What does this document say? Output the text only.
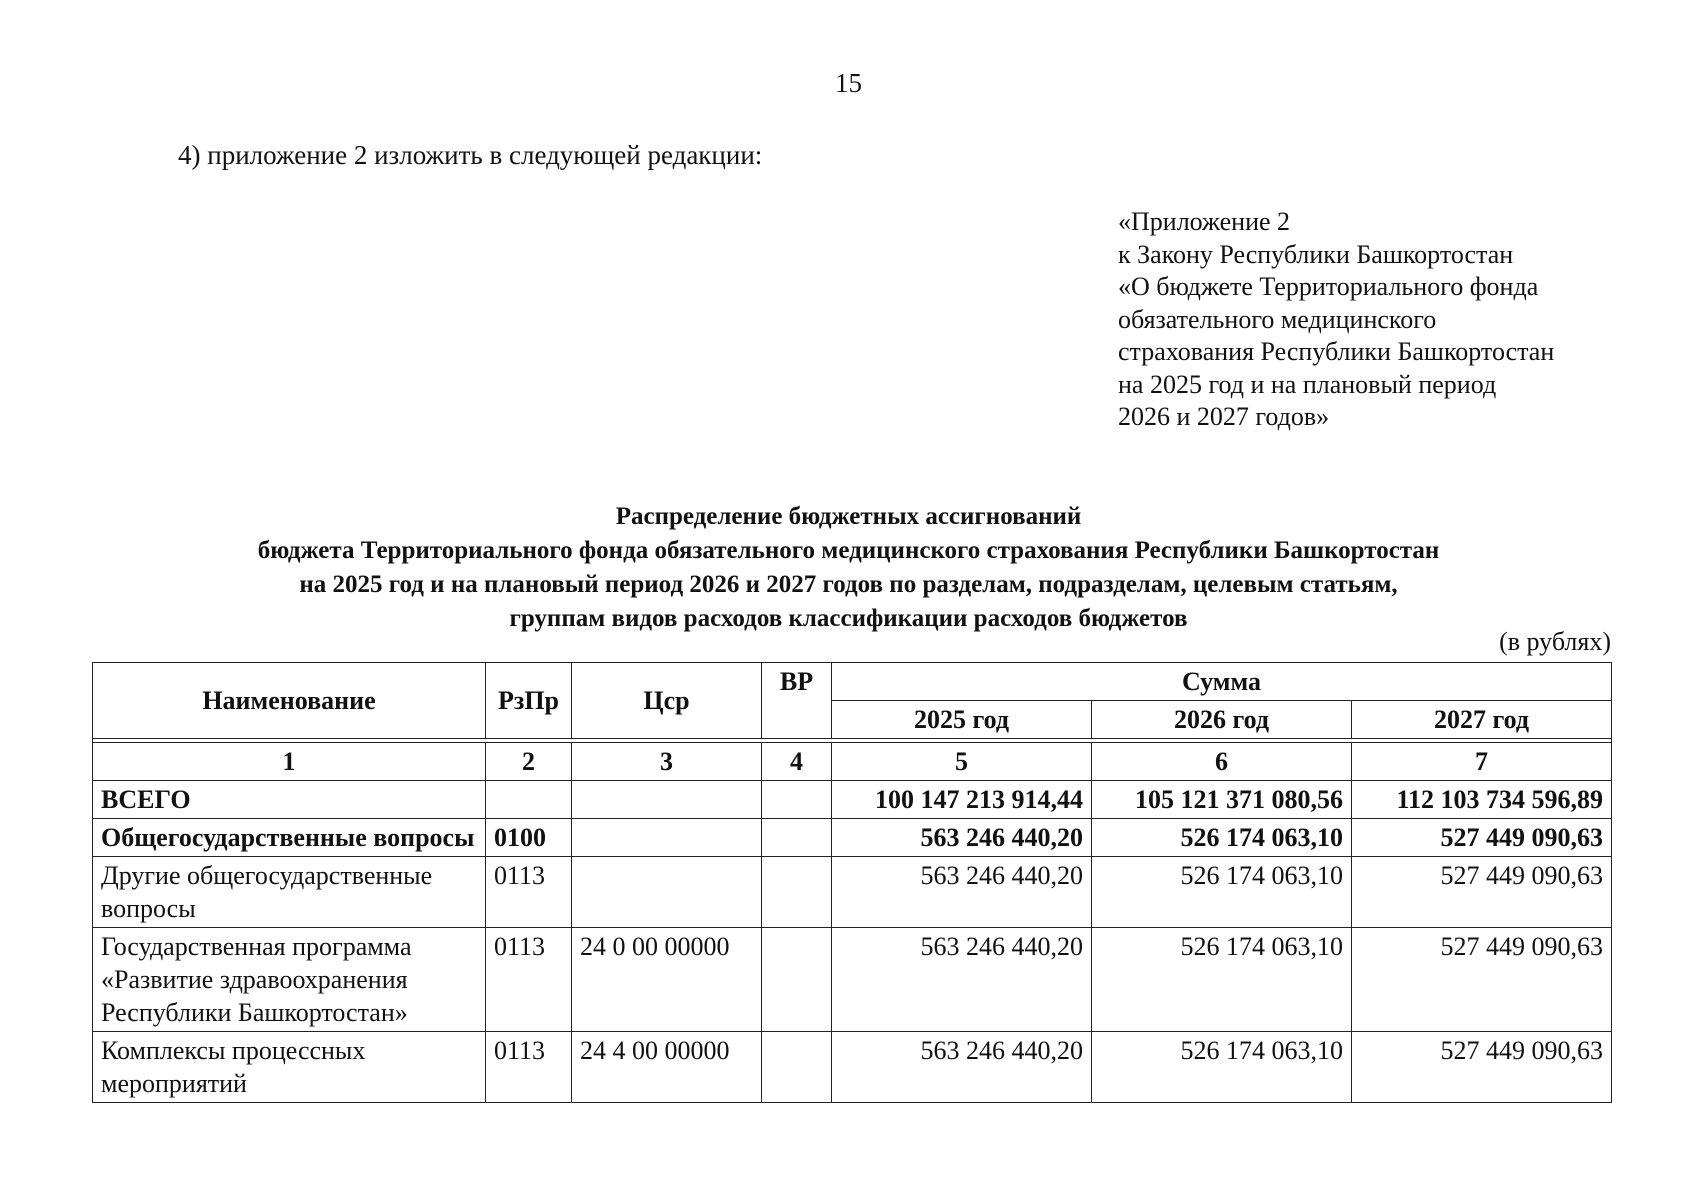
15
4) приложение 2 изложить в следующей редакции:
«Приложение 2
к Закону Республики Башкортостан
«О бюджете Территориального фонда
обязательного медицинского
страхования Республики Башкортостан
на 2025 год и на плановый период
2026 и 2027 годов»
Распределение бюджетных ассигнований
бюджета Территориального фонда обязательного медицинского страхования Республики Башкортостан
на 2025 год и на плановый период 2026 и 2027 годов по разделам, подразделам, целевым статьям,
группам видов расходов классификации расходов бюджетов
(в рублях)
Наименование	РзПр	Цср	ВР	Сумма		
				2025 год	2026 год	2027 год

1	2	3	4	5	6	7
ВСЕГО				100 147 213 914,44	105 121 371 080,56	112 103 734 596,89
Общегосударственные вопросы	0100			563 246 440,20	526 174 063,10	527 449 090,63
Другие общегосударственные вопросы	0113			563 246 440,20	526 174 063,10	527 449 090,63
Государственная программа «Развитие здравоохранения Республики Башкортостан»	0113	24 0 00 00000		563 246 440,20	526 174 063,10	527 449 090,63
Комплексы процессных мероприятий	0113	24 4 00 00000		563 246 440,20	526 174 063,10	527 449 090,63
